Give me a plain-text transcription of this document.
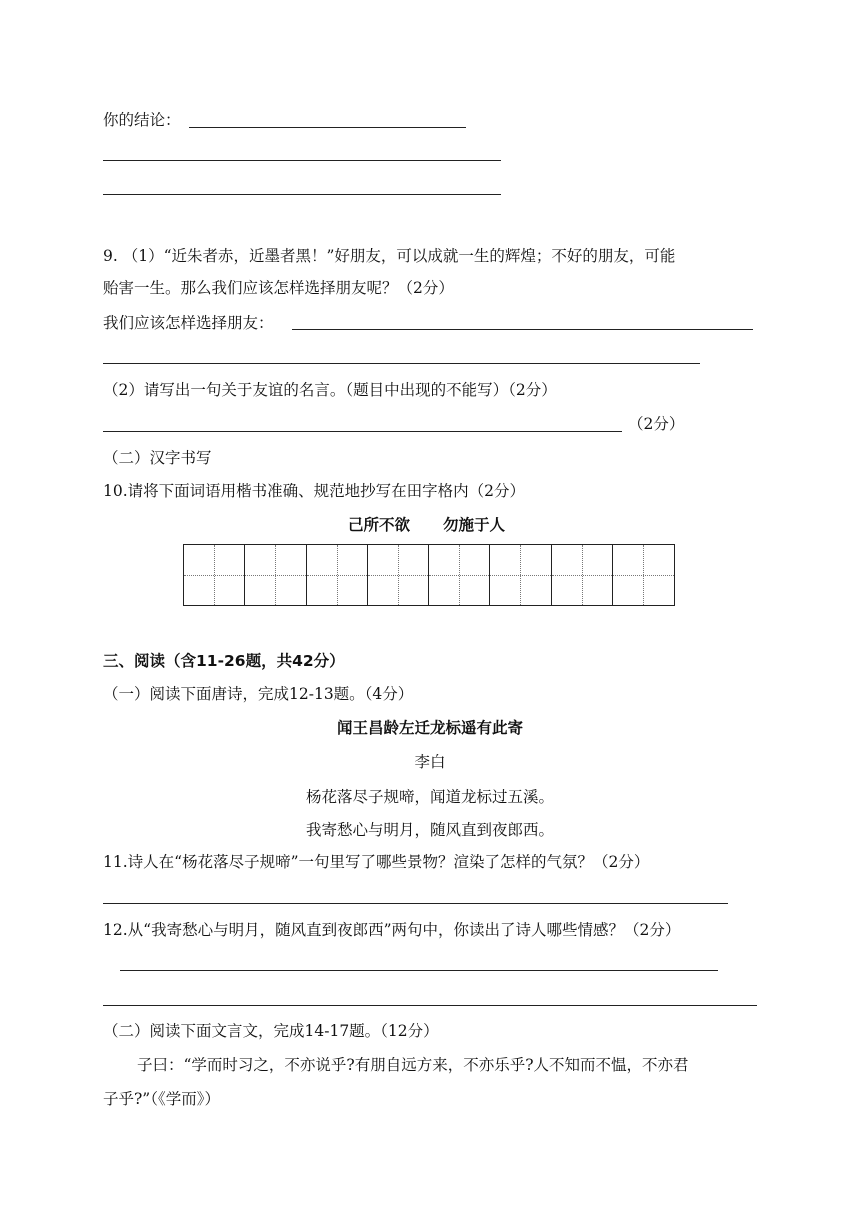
你的结论：
9. （1）“近朱者赤，近墨者黑！”好朋友，可以成就一生的辉煌；不好的朋友，可能
贻害一生。那么我们应该怎样选择朋友呢？（2分）
我们应该怎样选择朋友：
（2）请写出一句关于友谊的名言。（题目中出现的不能写）（2分）
（2分）
（二）汉字书写
10.请将下面词语用楷书准确、规范地抄写在田字格内（2分）
己所不欲 勿施于人
三、阅读（含11-26题，共42分）
（一）阅读下面唐诗，完成12-13题。（4分）
闻王昌龄左迁龙标遥有此寄
李白
杨花落尽子规啼，闻道龙标过五溪。
我寄愁心与明月，随风直到夜郎西。
11.诗人在“杨花落尽子规啼”一句里写了哪些景物？渲染了怎样的气氛？（2分）
12.从“我寄愁心与明月，随风直到夜郎西”两句中，你读出了诗人哪些情感？（2分）
（二）阅读下面文言文，完成14-17题。（12分）
子曰：“学而时习之，不亦说乎?有朋自远方来，不亦乐乎?人不知而不愠，不亦君
子乎?”（《学而》）
